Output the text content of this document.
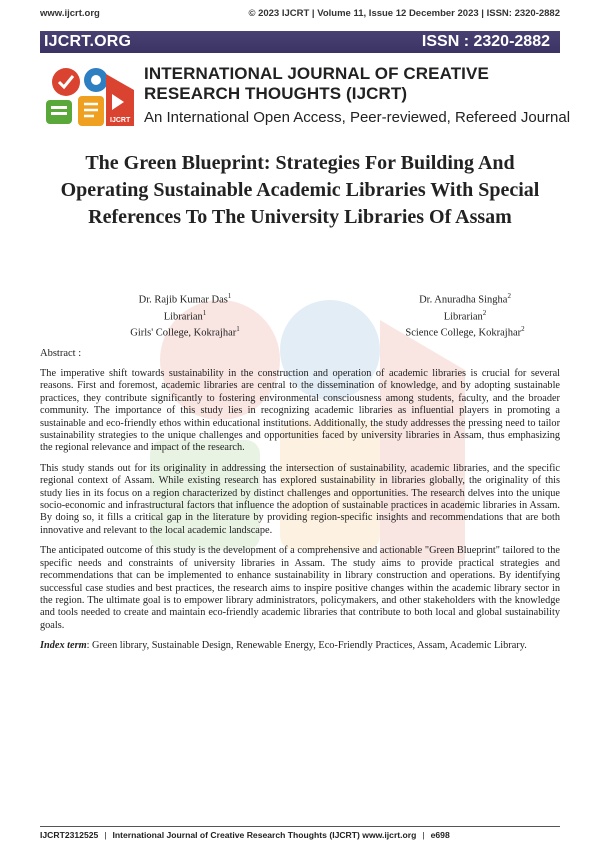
www.ijcrt.org	© 2023 IJCRT | Volume 11, Issue 12 December 2023 | ISSN: 2320-2882
IJCRT.ORG	ISSN : 2320-2882
IJCRT
INTERNATIONAL JOURNAL OF CREATIVE RESEARCH THOUGHTS (IJCRT)
An International Open Access, Peer-reviewed, Refereed Journal
The Green Blueprint: Strategies For Building And Operating Sustainable Academic Libraries With Special References To The University Libraries Of Assam
Dr. Rajib Kumar Das$^1$
Librarian$^1$
Girls' College, Kokrajhar$^1$
Dr. Anuradha Singha$^2$
Librarian$^2$
Science College, Kokrajhar$^2$
Abstract :

The imperative shift towards sustainability in the construction and operation of academic libraries is crucial for several reasons. First and foremost, academic libraries are central to the dissemination of knowledge, and by adopting sustainable practices, they contribute significantly to fostering environmental consciousness among students, faculty, and the broader community. The importance of this study lies in recognizing academic libraries as influential players in promoting a sustainable and eco-friendly ethos within educational institutions. Additionally, the study addresses the pressing need to tailor sustainability strategies to the unique challenges and opportunities faced by university libraries in Assam, thus emphasizing the regional relevance and impact of the research.

This study stands out for its originality in addressing the intersection of sustainability, academic libraries, and the specific regional context of Assam. While existing research has explored sustainability in libraries globally, the originality of this study lies in its focus on a region characterized by distinct challenges and opportunities. The research delves into the unique socio-economic and infrastructural factors that influence the adoption of sustainable practices in academic libraries in Assam. By doing so, it fills a critical gap in the literature by providing region-specific insights and recommendations that are both innovative and relevant to the local academic landscape.

The anticipated outcome of this study is the development of a comprehensive and actionable "Green Blueprint" tailored to the specific needs and constraints of university libraries in Assam. The study aims to provide practical strategies and recommendations that can be implemented to enhance sustainability in library construction and operations. By identifying successful case studies and best practices, the research aims to inspire positive changes within the academic library sector in the region. The ultimate goal is to empower library administrators, policymakers, and other stakeholders with the knowledge and tools needed to create and maintain eco-friendly academic libraries that contribute to both local and global sustainability goals.

Index term: Green library, Sustainable Design, Renewable Energy, Eco-Friendly Practices, Assam, Academic Library.

IJCRT2312525 | International Journal of Creative Research Thoughts (IJCRT) www.ijcrt.org | e698
